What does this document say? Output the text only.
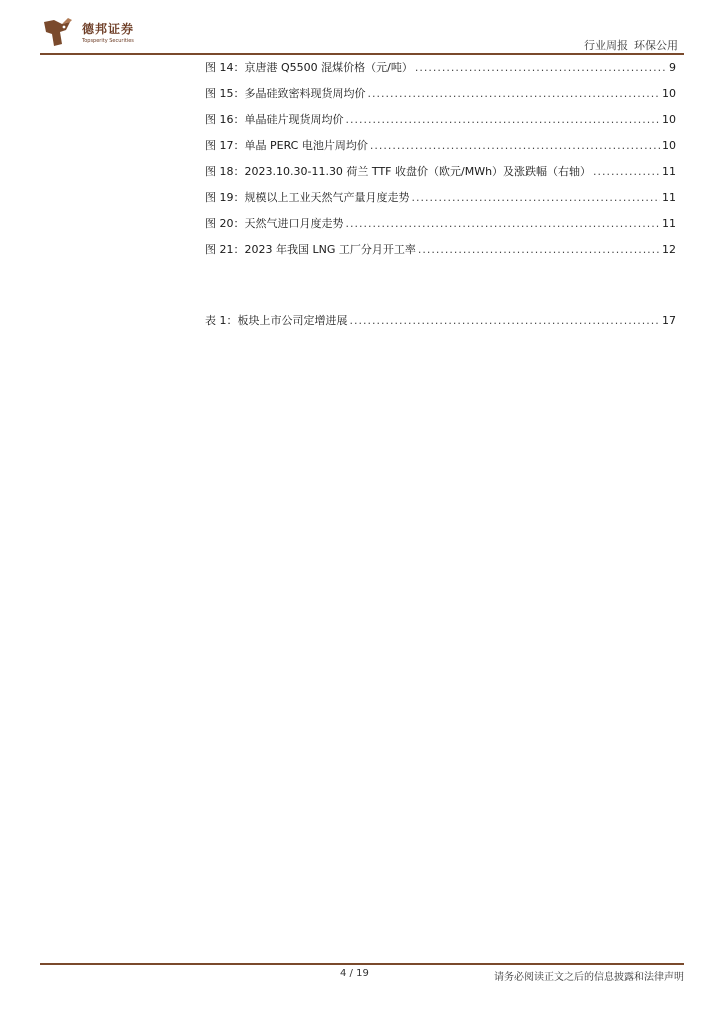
德邦证券
Topsperity Securities	行业周报 环保公用
图 14：京唐港 Q5500 混煤价格（元/吨） .....	9
图 15：多晶硅致密料现货周均价 .....	10
图 16：单晶硅片现货周均价 .....	10
图 17：单晶 PERC 电池片周均价 .....	10
图 18：2023.10.30-11.30 荷兰 TTF 收盘价（欧元/MWh）及涨跌幅（右轴） .....	11
图 19：规模以上工业天然气产量月度走势 .....	11
图 20：天然气进口月度走势 .....	11
图 21：2023 年我国 LNG 工厂分月开工率 .....	12
表 1：板块上市公司定增进展 .....	17
4 / 19	请务必阅读正文之后的信息披露和法律声明
